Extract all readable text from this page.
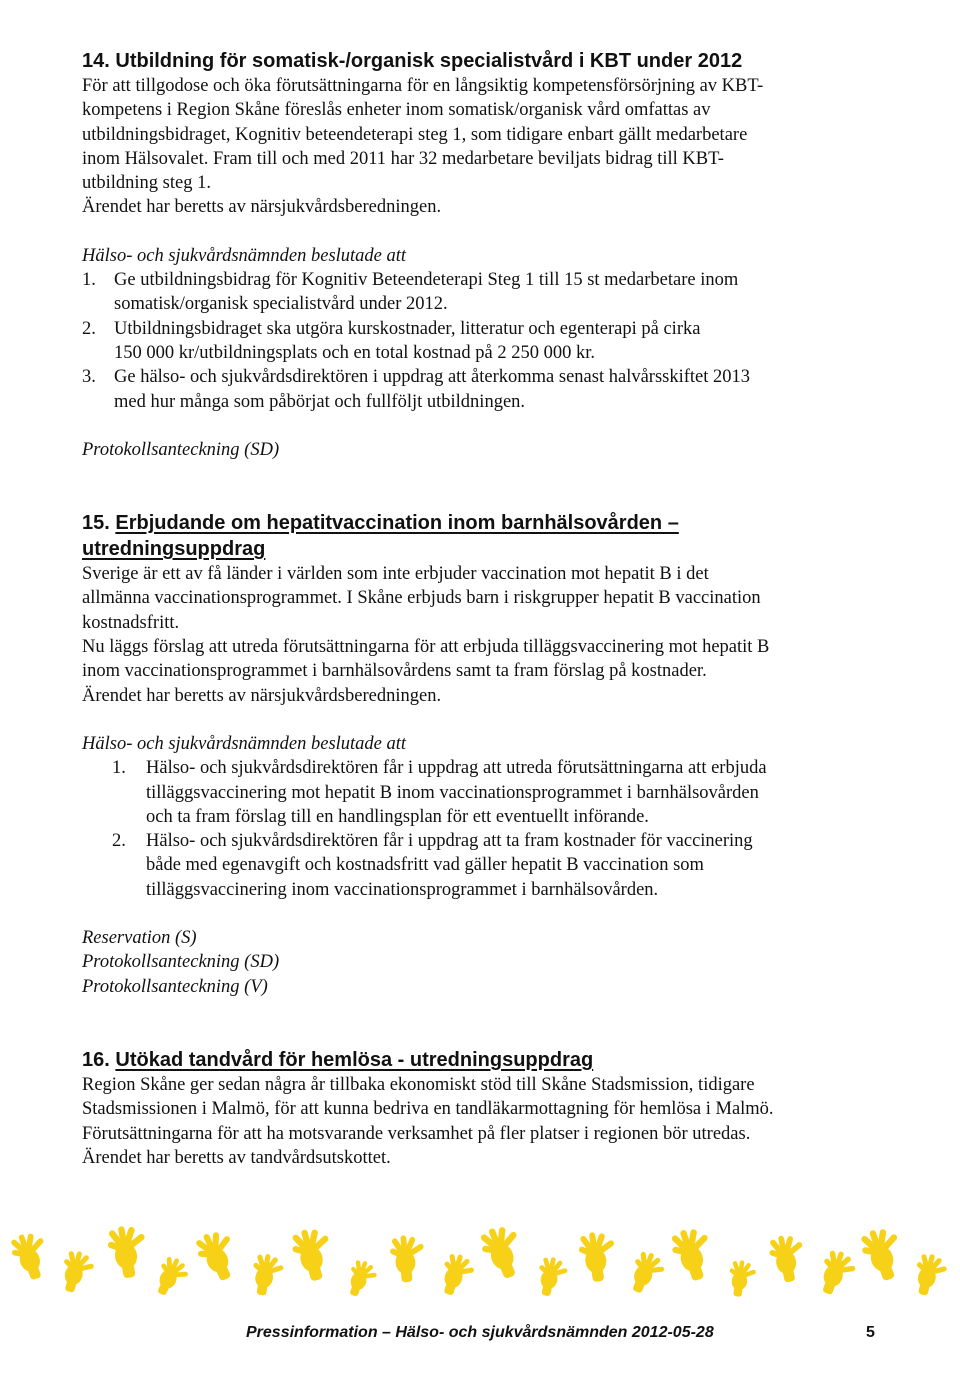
14. Utbildning för somatisk-/organisk specialistvård i KBT under 2012

För att tillgodose och öka förutsättningarna för en långsiktig kompetensförsörjning av KBT-
kompetens i Region Skåne föreslås enheter inom somatisk/organisk vård omfattas av
utbildningsbidraget, Kognitiv beteendeterapi steg 1, som tidigare enbart gällt medarbetare
inom Hälsovalet. Fram till och med 2011 har 32 medarbetare beviljats bidrag till KBT-
utbildning steg 1.
Ärendet har beretts av närsjukvårdsberedningen.

Hälso- och sjukvårdsnämnden beslutade att

1. Ge utbildningsbidrag för Kognitiv Beteendeterapi Steg 1 till 15 st medarbetare inom
somatisk/organisk specialistvård under 2012.
2. Utbildningsbidraget ska utgöra kurskostnader, litteratur och egenterapi på cirka
150 000 kr/utbildningsplats och en total kostnad på 2 250 000 kr.
3. Ge hälso- och sjukvårdsdirektören i uppdrag att återkomma senast halvårsskiftet 2013
med hur många som påbörjat och fullföljt utbildningen.

Protokollsanteckning (SD)

15. Erbjudande om hepatitvaccination inom barnhälsovården –
utredningsuppdrag

Sverige är ett av få länder i världen som inte erbjuder vaccination mot hepatit B i det
allmänna vaccinationsprogrammet. I Skåne erbjuds barn i riskgrupper hepatit B vaccination
kostnadsfritt.
Nu läggs förslag att utreda förutsättningarna för att erbjuda tilläggsvaccinering mot hepatit B
inom vaccinationsprogrammet i barnhälsovårdens samt ta fram förslag på kostnader.
Ärendet har beretts av närsjukvårdsberedningen.

Hälso- och sjukvårdsnämnden beslutade att

1.	Hälso- och sjukvårdsdirektören får i uppdrag att utreda förutsättningarna att erbjuda
tilläggsvaccinering mot hepatit B inom vaccinationsprogrammet i barnhälsovården
och ta fram förslag till en handlingsplan för ett eventuellt införande.
2.	Hälso- och sjukvårdsdirektören får i uppdrag att ta fram kostnader för vaccinering
både med egenavgift och kostnadsfritt vad gäller hepatit B vaccination som
tilläggsvaccinering inom vaccinationsprogrammet i barnhälsovården.

Reservation (S)

Protokollsanteckning (SD)

Protokollsanteckning (V)

16. Utökad tandvård för hemlösa - utredningsuppdrag

Region Skåne ger sedan några år tillbaka ekonomiskt stöd till Skåne Stadsmission, tidigare
Stadsmissionen i Malmö, för att kunna bedriva en tandläkarmottagning för hemlösa i Malmö.
Förutsättningarna för att ha motsvarande verksamhet på fler platser i regionen bör utredas.
Ärendet har beretts av tandvårdsutskottet.

Pressinformation – Hälso- och sjukvårdsnämnden 2012-05-28	5
